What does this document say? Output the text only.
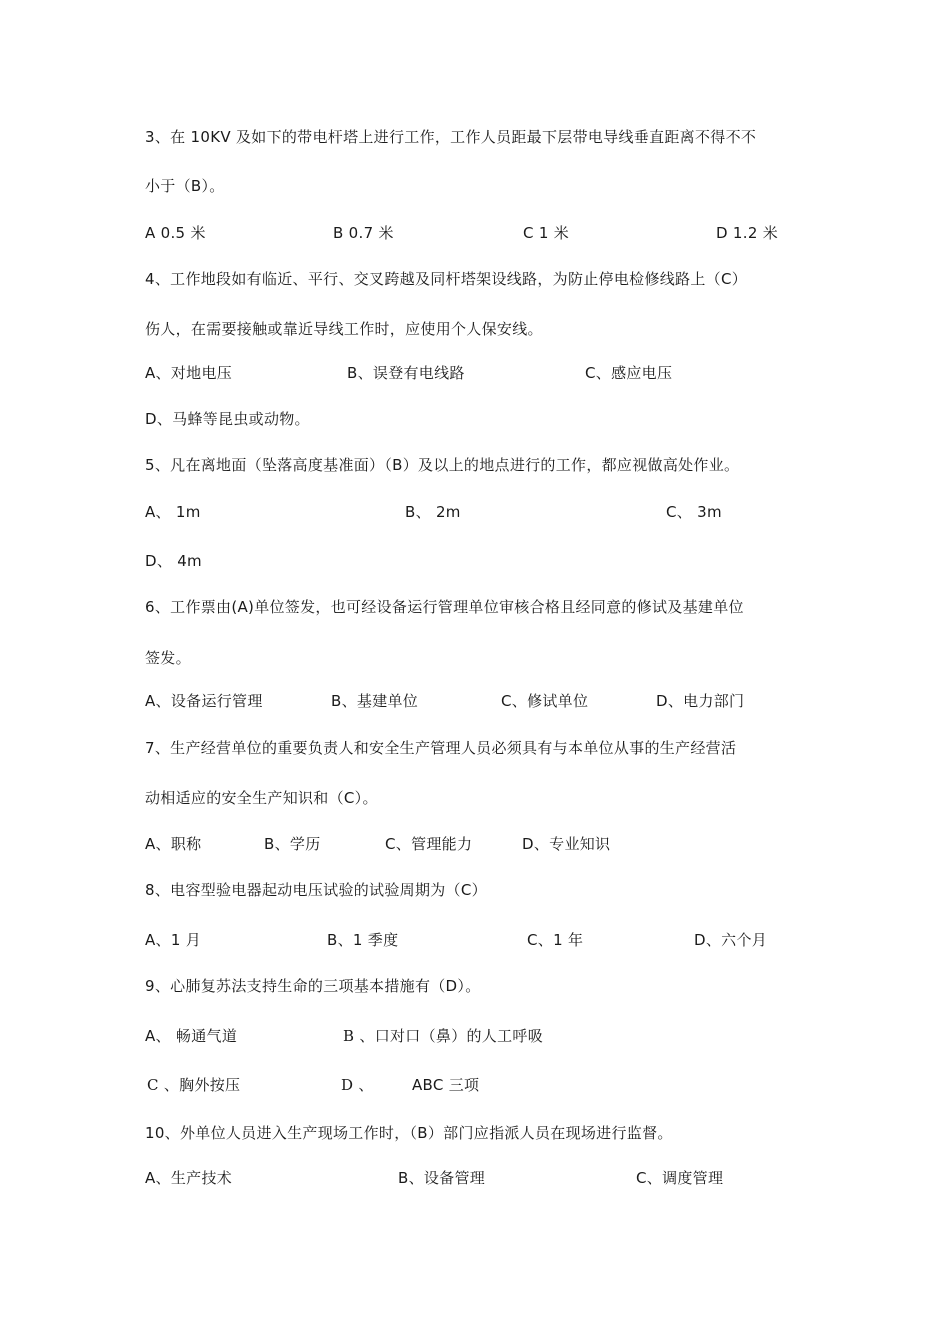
3、在 10KV 及如下的带电杆塔上进行工作，工作人员距最下层带电导线垂直距离不得不不
小于（B）。
A 0.5 米	B 0.7 米	C 1 米	D 1.2 米
4、工作地段如有临近、平行、交叉跨越及同杆塔架设线路，为防止停电检修线路上（C）
伤人，在需要接触或靠近导线工作时，应使用个人保安线。
A、对地电压	B、误登有电线路	C、感应电压
D、马蜂等昆虫或动物。
5、凡在离地面（坠落高度基准面）（B）及以上的地点进行的工作，都应视做高处作业。
A、 1m	B、 2m	C、 3m
D、 4m
6、工作票由(A)单位签发，也可经设备运行管理单位审核合格且经同意的修试及基建单位
签发。
A、设备运行管理	B、基建单位	C、修试单位	D、电力部门
7、生产经营单位的重要负责人和安全生产管理人员必须具有与本单位从事的生产经营活
动相适应的安全生产知识和（C）。
A、职称	B、学历	C、管理能力	D、专业知识
8、电容型验电器起动电压试验的试验周期为（C）
A、1 月	B、1 季度	C、1 年	D、六个月
9、心肺复苏法支持生命的三项基本措施有（D）。
A、 畅通气道	B 、口对口（鼻）的人工呼吸
C 、胸外按压	D 、	ABC 三项
10、外单位人员进入生产现场工作时，（B）部门应指派人员在现场进行监督。
A、生产技术	B、设备管理	C、调度管理
